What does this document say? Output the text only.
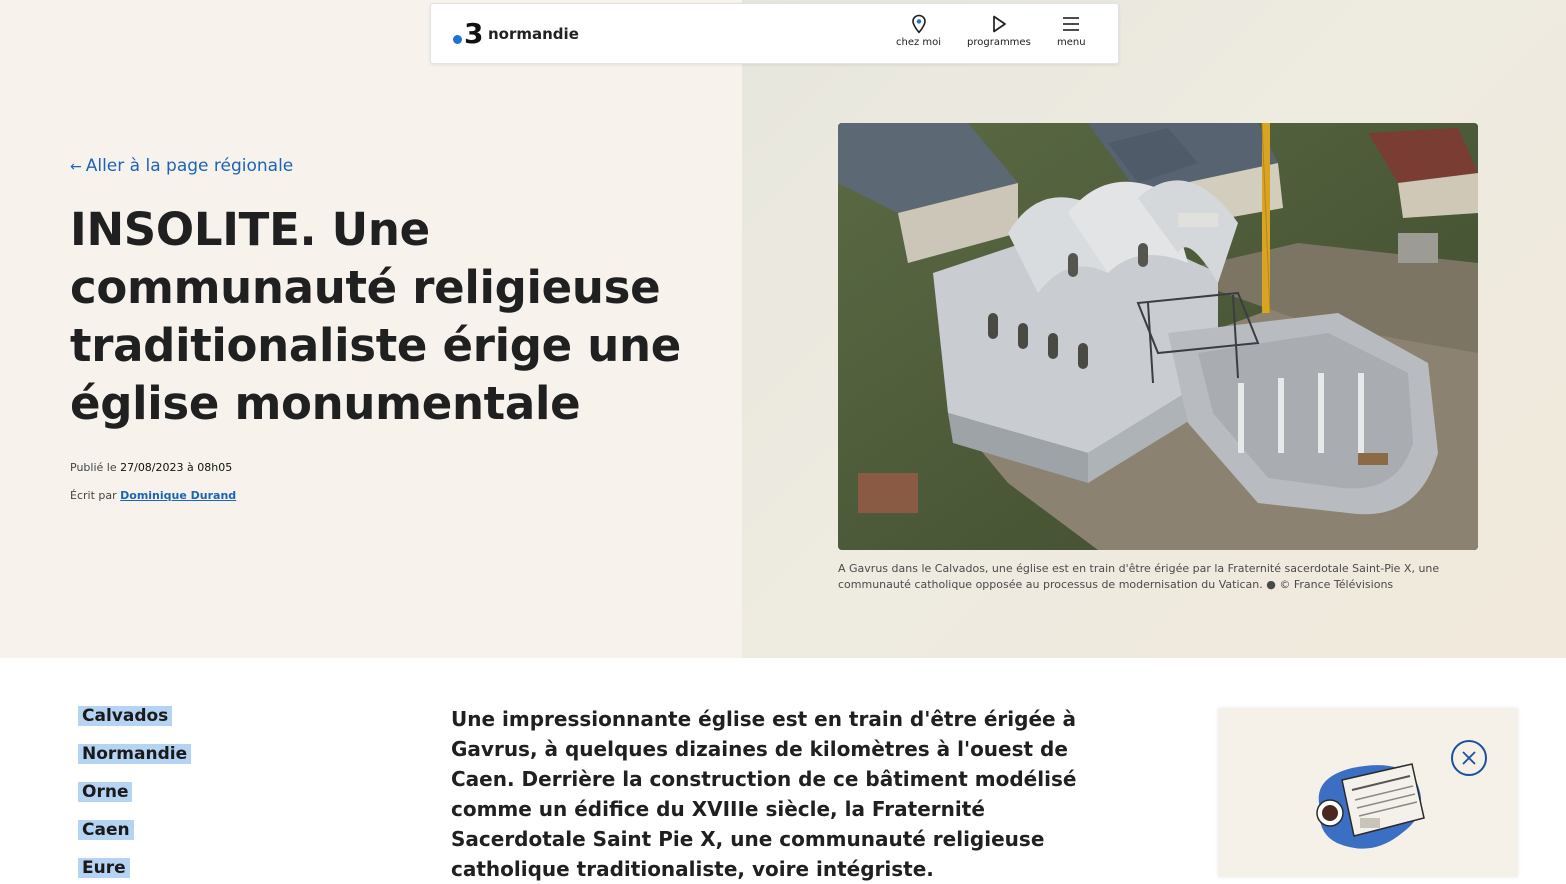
3 normandie	chez moi	programmes	menu
← Aller à la page régionale
INSOLITE. Une communauté religieuse traditionaliste érige une église monumentale
Publié le 27/08/2023 à 08h05
Écrit par Dominique Durand
A Gavrus dans le Calvados, une église est en train d'être érigée par la Fraternité sacerdotale Saint-Pie X, une communauté catholique opposée au processus de modernisation du Vatican. ● © France Télévisions
Calvados
Normandie
Orne
Caen
Eure

Une impressionnante église est en train d'être érigée à Gavrus, à quelques dizaines de kilomètres à l'ouest de Caen. Derrière la construction de ce bâtiment modélisé comme un édifice du XVIIIe siècle, la Fraternité Sacerdotale Saint Pie X, une communauté religieuse catholique traditionaliste, voire intégriste.
